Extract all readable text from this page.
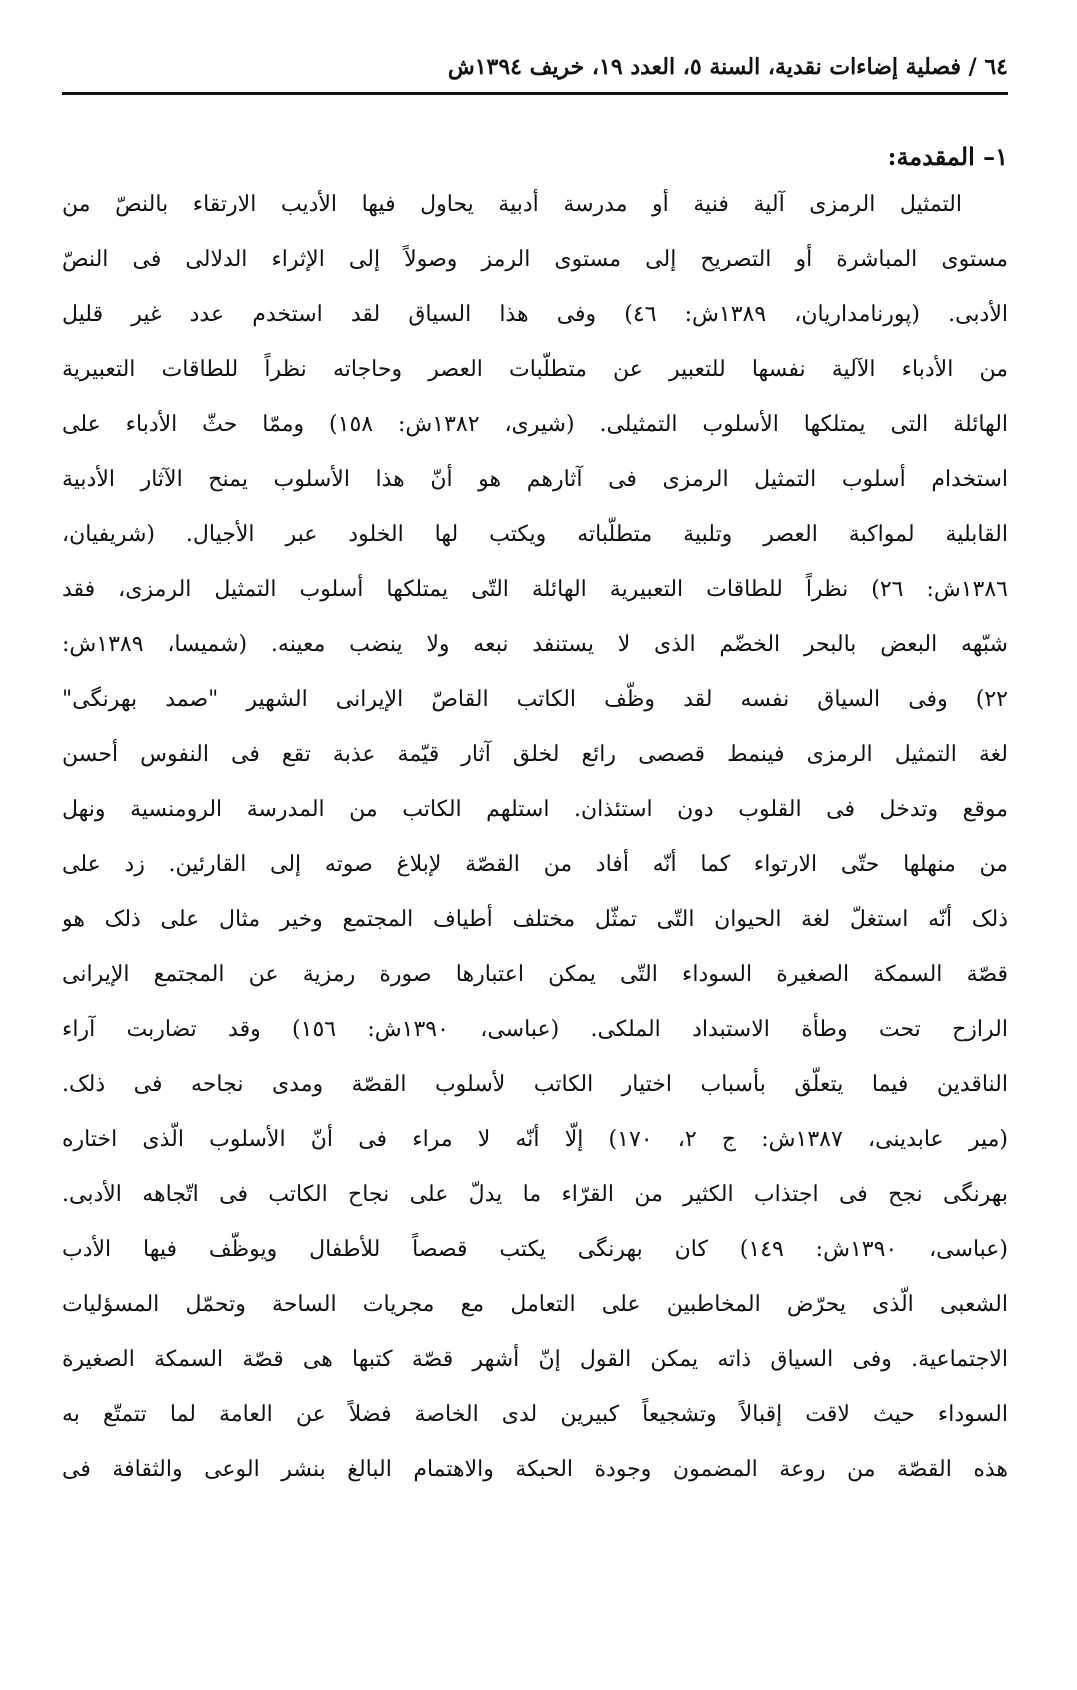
٦٤ / فصلية إضاءات نقدية، السنة ٥، العدد ١٩، خريف ١٣٩٤ش
١– المقدمة:
التمثيل الرمزى آلية فنية أو مدرسة أدبية يحاول فيها الأديب الارتقاء بالنصّ من
مستوى المباشرة أو التصريح إلى مستوى الرمز وصولاً إلى الإثراء الدلالى فى النصّ
الأدبى. (پورنامداريان، ١٣٨٩ش: ٤٦) وفى هذا السياق لقد استخدم عدد غير قليل
من الأدباء الآلية نفسها للتعبير عن متطلّبات العصر وحاجاته نظراً للطاقات التعبيرية
الهائلة التى يمتلكها الأسلوب التمثيلى. (شيرى، ١٣٨٢ش: ١٥٨) وممّا حثّ الأدباء على
استخدام أسلوب التمثيل الرمزى فى آثارهم هو أنّ هذا الأسلوب يمنح الآثار الأدبية
القابلية لمواكبة العصر وتلبية متطلّباته ويكتب لها الخلود عبر الأجيال. (شريفيان،
١٣٨٦ش: ٢٦) نظراً للطاقات التعبيرية الهائلة التّى يمتلكها أسلوب التمثيل الرمزى، فقد
شبّهه البعض بالبحر الخضّم الذى لا يستنفد نبعه ولا ينضب معينه. (شميسا، ١٣٨٩ش:
٢٢) وفى السياق نفسه لقد وظّف الكاتب القاصّ الإيرانى الشهير "صمد بهرنگى"
لغة التمثيل الرمزى فينمط قصصى رائع لخلق آثار قيّمة عذبة تقع فى النفوس أحسن
موقع وتدخل فى القلوب دون استئذان. استلهم الكاتب من المدرسة الرومنسية ونهل
من منهلها حتّى الارتواء كما أنّه أفاد من القصّة لإبلاغ صوته إلى القارئين. زد على
ذلک أنّه استغلّ لغة الحيوان التّى تمثّل مختلف أطياف المجتمع وخير مثال على ذلک هو
قصّة السمكة الصغيرة السوداء التّى يمكن اعتبارها صورة رمزية عن المجتمع الإيرانى
الرازح تحت وطأة الاستبداد الملكى. (عباسى، ١٣٩٠ش: ١٥٦) وقد تضاربت آراء
الناقدين فيما يتعلّق بأسباب اختيار الكاتب لأسلوب القصّة ومدى نجاحه فى ذلک.
(مير عابدينى، ١٣٨٧ش: ج ٢، ١٧٠) إلّا أنّه لا مراء فى أنّ الأسلوب الّذى اختاره
بهرنگى نجح فى اجتذاب الكثير من القرّاء ما يدلّ على نجاح الكاتب فى اتّجاهه الأدبى.
(عباسى، ١٣٩٠ش: ١٤٩) كان بهرنگى يكتب قصصاً للأطفال ويوظّف فيها الأدب
الشعبى الّذى يحرّض المخاطبين على التعامل مع مجريات الساحة وتحمّل المسؤليات
الاجتماعية. وفى السياق ذاته يمكن القول إنّ أشهر قصّة كتبها هى قصّة السمكة الصغيرة
السوداء حيث لاقت إقبالاً وتشجيعاً كبيرين لدى الخاصة فضلاً عن العامة لما تتمتّع به
هذه القصّة من روعة المضمون وجودة الحبكة والاهتمام البالغ بنشر الوعى والثقافة فى
